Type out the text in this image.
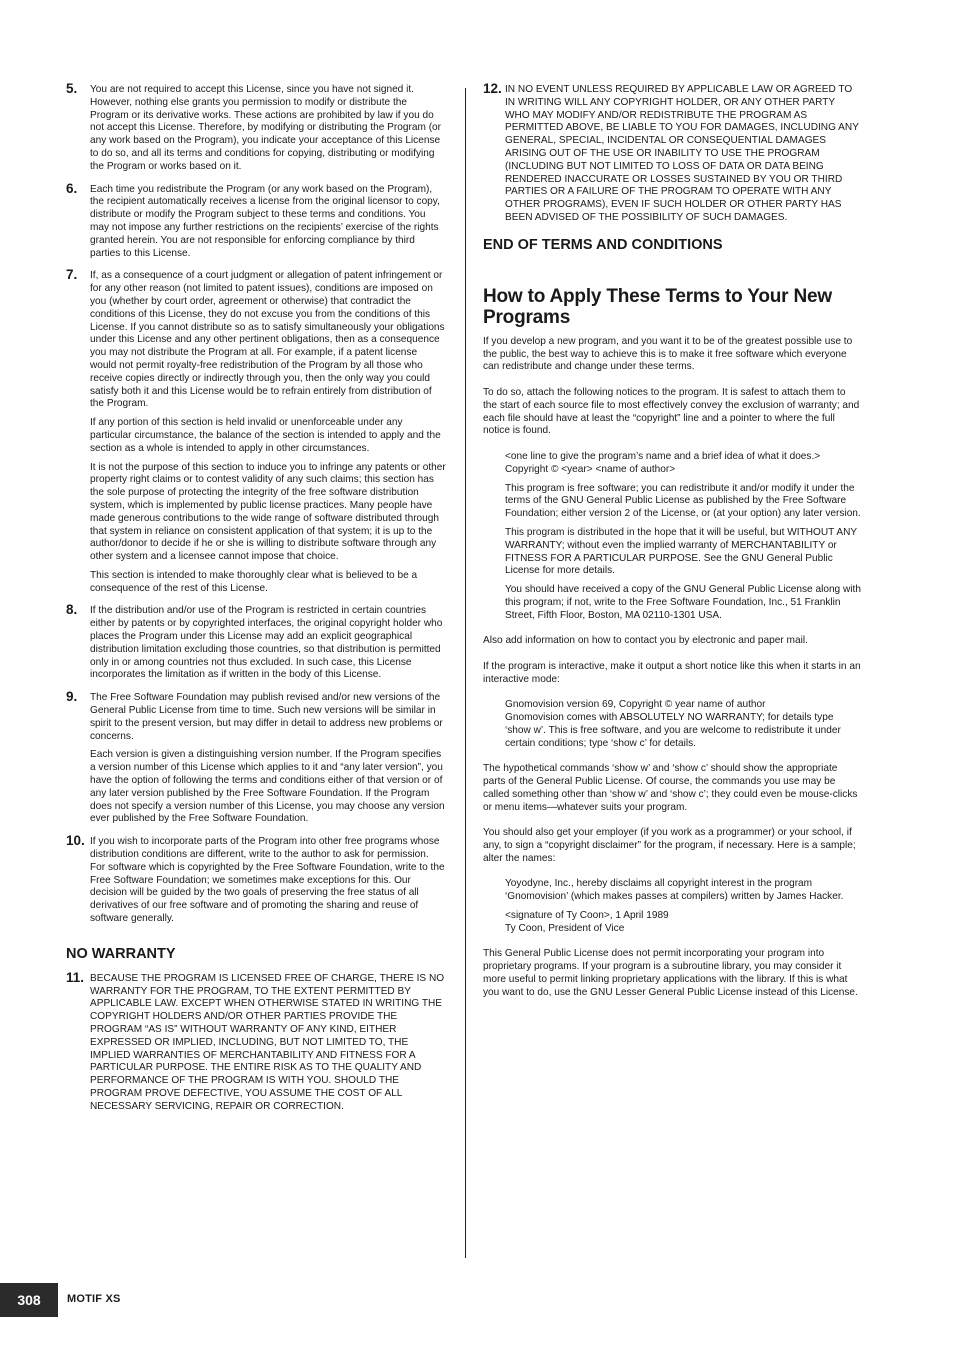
5. You are not required to accept this License, since you have not signed it. However, nothing else grants you permission to modify or distribute the Program or its derivative works. These actions are prohibited by law if you do not accept this License. Therefore, by modifying or distributing the Program (or any work based on the Program), you indicate your acceptance of this License to do so, and all its terms and conditions for copying, distributing or modifying the Program or works based on it.

6. Each time you redistribute the Program (or any work based on the Program), the recipient automatically receives a license from the original licensor to copy, distribute or modify the Program subject to these terms and conditions. You may not impose any further restrictions on the recipients’ exercise of the rights granted herein. You are not responsible for enforcing compliance by third parties to this License.

7. If, as a consequence of a court judgment or allegation of patent infringement or for any other reason (not limited to patent issues), conditions are imposed on you (whether by court order, agreement or otherwise) that contradict the conditions of this License, they do not excuse you from the conditions of this License. If you cannot distribute so as to satisfy simultaneously your obligations under this License and any other pertinent obligations, then as a consequence you may not distribute the Program at all. For example, if a patent license would not permit royalty-free redistribution of the Program by all those who receive copies directly or indirectly through you, then the only way you could satisfy both it and this License would be to refrain entirely from distribution of the Program.

If any portion of this section is held invalid or unenforceable under any particular circumstance, the balance of the section is intended to apply and the section as a whole is intended to apply in other circumstances.

It is not the purpose of this section to induce you to infringe any patents or other property right claims or to contest validity of any such claims; this section has the sole purpose of protecting the integrity of the free software distribution system, which is implemented by public license practices. Many people have made generous contributions to the wide range of software distributed through that system in reliance on consistent application of that system; it is up to the author/donor to decide if he or she is willing to distribute software through any other system and a licensee cannot impose that choice.

This section is intended to make thoroughly clear what is believed to be a consequence of the rest of this License.

8. If the distribution and/or use of the Program is restricted in certain countries either by patents or by copyrighted interfaces, the original copyright holder who places the Program under this License may add an explicit geographical distribution limitation excluding those countries, so that distribution is permitted only in or among countries not thus excluded. In such case, this License incorporates the limitation as if written in the body of this License.

9. The Free Software Foundation may publish revised and/or new versions of the General Public License from time to time. Such new versions will be similar in spirit to the present version, but may differ in detail to address new problems or concerns.

Each version is given a distinguishing version number. If the Program specifies a version number of this License which applies to it and “any later version”, you have the option of following the terms and conditions either of that version or of any later version published by the Free Software Foundation. If the Program does not specify a version number of this License, you may choose any version ever published by the Free Software Foundation.

10. If you wish to incorporate parts of the Program into other free programs whose distribution conditions are different, write to the author to ask for permission. For software which is copyrighted by the Free Software Foundation, write to the Free Software Foundation; we sometimes make exceptions for this. Our decision will be guided by the two goals of preserving the free status of all derivatives of our free software and of promoting the sharing and reuse of software generally.

NO WARRANTY
11. BECAUSE THE PROGRAM IS LICENSED FREE OF CHARGE, THERE IS NO WARRANTY FOR THE PROGRAM, TO THE EXTENT PERMITTED BY APPLICABLE LAW. EXCEPT WHEN OTHERWISE STATED IN WRITING THE COPYRIGHT HOLDERS AND/OR OTHER PARTIES PROVIDE THE PROGRAM “AS IS” WITHOUT WARRANTY OF ANY KIND, EITHER EXPRESSED OR IMPLIED, INCLUDING, BUT NOT LIMITED TO, THE IMPLIED WARRANTIES OF MERCHANTABILITY AND FITNESS FOR A PARTICULAR PURPOSE. THE ENTIRE RISK AS TO THE QUALITY AND PERFORMANCE OF THE PROGRAM IS WITH YOU. SHOULD THE PROGRAM PROVE DEFECTIVE, YOU ASSUME THE COST OF ALL NECESSARY SERVICING, REPAIR OR CORRECTION.

12. IN NO EVENT UNLESS REQUIRED BY APPLICABLE LAW OR AGREED TO IN WRITING WILL ANY COPYRIGHT HOLDER, OR ANY OTHER PARTY WHO MAY MODIFY AND/OR REDISTRIBUTE THE PROGRAM AS PERMITTED ABOVE, BE LIABLE TO YOU FOR DAMAGES, INCLUDING ANY GENERAL, SPECIAL, INCIDENTAL OR CONSEQUENTIAL DAMAGES ARISING OUT OF THE USE OR INABILITY TO USE THE PROGRAM (INCLUDING BUT NOT LIMITED TO LOSS OF DATA OR DATA BEING RENDERED INACCURATE OR LOSSES SUSTAINED BY YOU OR THIRD PARTIES OR A FAILURE OF THE PROGRAM TO OPERATE WITH ANY OTHER PROGRAMS), EVEN IF SUCH HOLDER OR OTHER PARTY HAS BEEN ADVISED OF THE POSSIBILITY OF SUCH DAMAGES.

END OF TERMS AND CONDITIONS
How to Apply These Terms to Your New Programs

If you develop a new program, and you want it to be of the greatest possible use to the public, the best way to achieve this is to make it free software which everyone can redistribute and change under these terms.

To do so, attach the following notices to the program. It is safest to attach them to the start of each source file to most effectively convey the exclusion of warranty; and each file should have at least the “copyright” line and a pointer to where the full notice is found.

<one line to give the program’s name and a brief idea of what it does.>
Copyright © <year> <name of author>

This program is free software; you can redistribute it and/or modify it under the terms of the GNU General Public License as published by the Free Software Foundation; either version 2 of the License, or (at your option) any later version.

This program is distributed in the hope that it will be useful, but WITHOUT ANY WARRANTY; without even the implied warranty of MERCHANTABILITY or FITNESS FOR A PARTICULAR PURPOSE. See the GNU General Public License for more details.

You should have received a copy of the GNU General Public License along with this program; if not, write to the Free Software Foundation, Inc., 51 Franklin Street, Fifth Floor, Boston, MA 02110-1301 USA.

Also add information on how to contact you by electronic and paper mail.

If the program is interactive, make it output a short notice like this when it starts in an interactive mode:

Gnomovision version 69, Copyright © year name of author
Gnomovision comes with ABSOLUTELY NO WARRANTY; for details type ‘show w’. This is free software, and you are welcome to redistribute it under certain conditions; type ‘show c’ for details.

The hypothetical commands ‘show w’ and ‘show c’ should show the appropriate parts of the General Public License. Of course, the commands you use may be called something other than ‘show w’ and ‘show c’; they could even be mouse-clicks or menu items—whatever suits your program.

You should also get your employer (if you work as a programmer) or your school, if any, to sign a “copyright disclaimer” for the program, if necessary. Here is a sample; alter the names:

Yoyodyne, Inc., hereby disclaims all copyright interest in the program ‘Gnomovision’ (which makes passes at compilers) written by James Hacker.

<signature of Ty Coon>, 1 April 1989
Ty Coon, President of Vice

This General Public License does not permit incorporating your program into proprietary programs. If your program is a subroutine library, you may consider it more useful to permit linking proprietary applications with the library. If this is what you want to do, use the GNU Lesser General Public License instead of this License.

308	MOTIF XS
